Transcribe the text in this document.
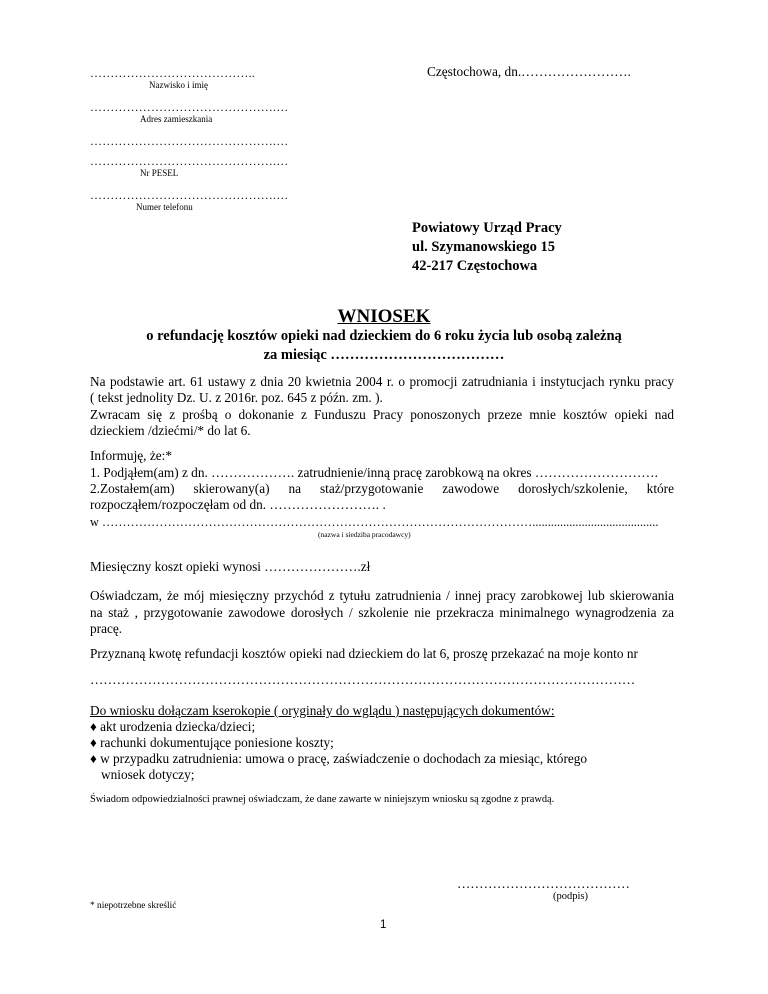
…………………………………..
Nazwisko i imię
Częstochowa, dn.…………………….
……………………………………….…
Adres zamieszkania
……………………………………….…
……………………………………….…
Nr PESEL
……………………………………….…
Numer telefonu
Powiatowy Urząd Pracy
ul. Szymanowskiego 15
42-217 Częstochowa
WNIOSEK
o refundację kosztów opieki nad dzieckiem do 6 roku życia lub osobą zależną
za miesiąc ………………………………
Na podstawie art. 61 ustawy z dnia 20 kwietnia 2004 r. o promocji zatrudniania i instytucjach rynku pracy
( tekst jednolity Dz. U. z 2016r. poz. 645 z późn. zm. ).
Zwracam się z prośbą o dokonanie z Funduszu Pracy ponoszonych przeze mnie kosztów opieki nad
dzieckiem /dziećmi/* do lat 6.
Informuję, że:*
1. Podjąłem(am) z dn. ………………. zatrudnienie/inną pracę zarobkową na okres ……………………….
2.Zostałem(am) skierowany(a) na staż/przygotowanie zawodowe dorosłych/szkolenie, które
rozpocząłem/rozpoczęłam od dn. ……………………. .
w …………………………………………………………………………………………….........................................
(nazwa i siedziba pracodawcy)
Miesięczny koszt opieki wynosi ………………….zł
Oświadczam, że mój miesięczny przychód z tytułu zatrudnienia / innej pracy zarobkowej lub skierowania
na staż , przygotowanie zawodowe dorosłych / szkolenie nie przekracza minimalnego wynagrodzenia za
pracę.
Przyznaną kwotę refundacji kosztów opieki nad dzieckiem do lat 6, proszę przekazać na moje konto nr
……………………………………………………………………………………………………………
Do wniosku dołączam kserokopie ( oryginały do wglądu ) następujących dokumentów:
♦ akt urodzenia dziecka/dzieci;
♦ rachunki dokumentujące poniesione koszty;
♦ w przypadku zatrudnienia: umowa o pracę, zaświadczenie o dochodach za miesiąc, którego
wniosek dotyczy;
Świadom odpowiedzialności prawnej oświadczam, że dane zawarte w niniejszym wniosku są zgodne z prawdą.
…………………………………
(podpis)
* niepotrzebne skreślić
1
